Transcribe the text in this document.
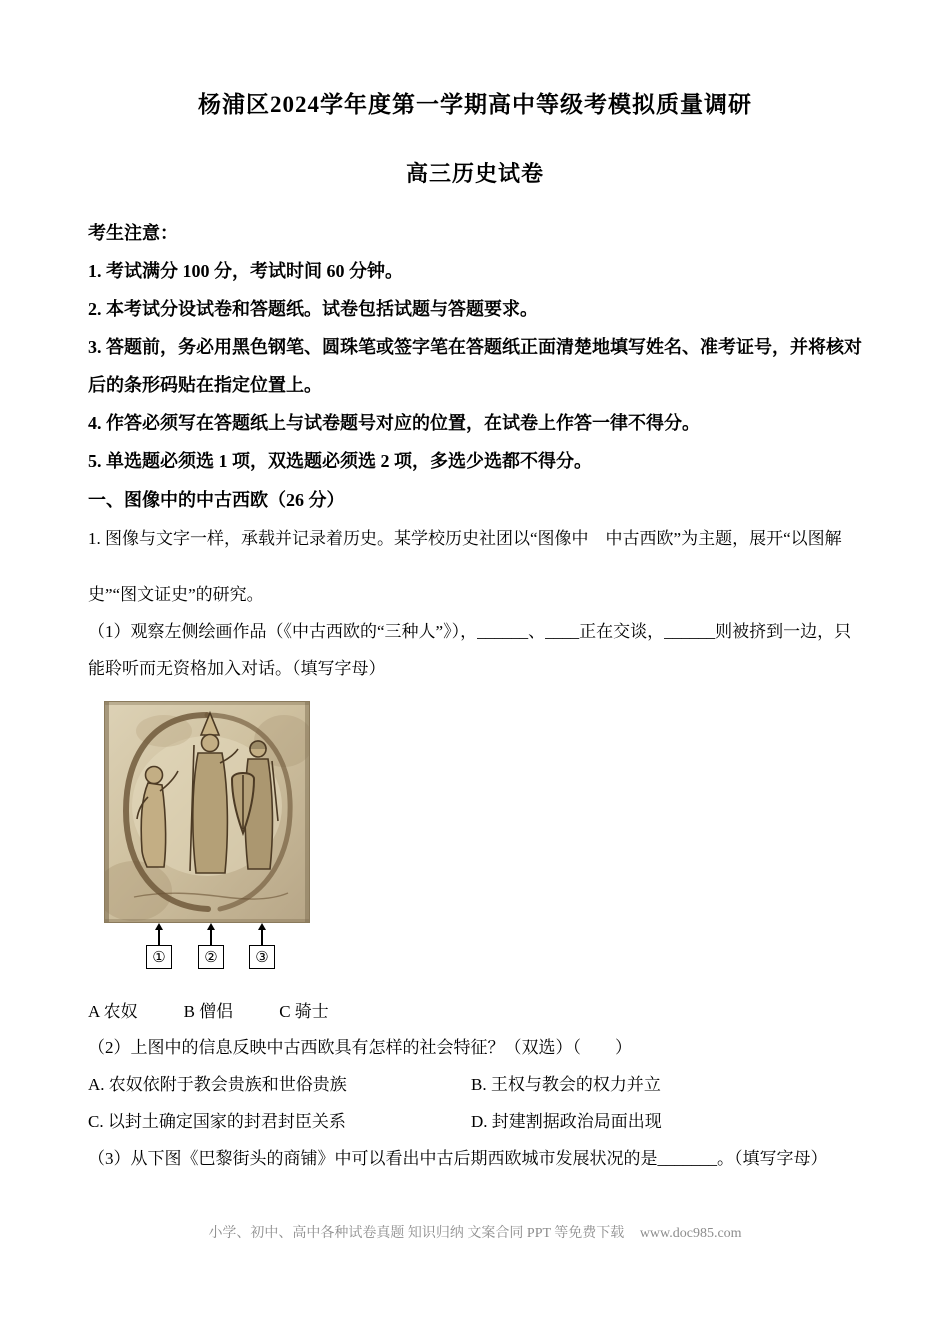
杨浦区2024学年度第一学期高中等级考模拟质量调研
高三历史试卷

考生注意：

1. 考试满分 100 分，考试时间 60 分钟。

2. 本考试分设试卷和答题纸。试卷包括试题与答题要求。

3. 答题前，务必用黑色钢笔、圆珠笔或签字笔在答题纸正面清楚地填写姓名、准考证号，并将核对后的条形码贴在指定位置上。

4. 作答必须写在答题纸上与试卷题号对应的位置，在试卷上作答一律不得分。

5. 单选题必须选 1 项，双选题必须选 2 项，多选少选都不得分。

一、图像中的中古西欧（26 分）

1. 图像与文字一样，承载并记录着历史。某学校历史社团以“图像中　中古西欧”为主题，展开“以图解

史”“图文证史”的研究。

（1）观察左侧绘画作品（《中古西欧的“三种人”》），______、____正在交谈，______则被挤到一边，只能聆听而无资格加入对话。（填写字母）

①	②	③
A 农奴	B 僧侣	C 骑士

（2）上图中的信息反映中古西欧具有怎样的社会特征？（双选）（　　）

A. 农奴依附于教会贵族和世俗贵族	B. 王权与教会的权力并立
C. 以封土确定国家的封君封臣关系	D. 封建割据政治局面出现

（3）从下图《巴黎街头的商铺》中可以看出中古后期西欧城市发展状况的是_______。（填写字母）

小学、初中、高中各种试卷真题 知识归纳 文案合同 PPT 等免费下载 www.doc985.com
